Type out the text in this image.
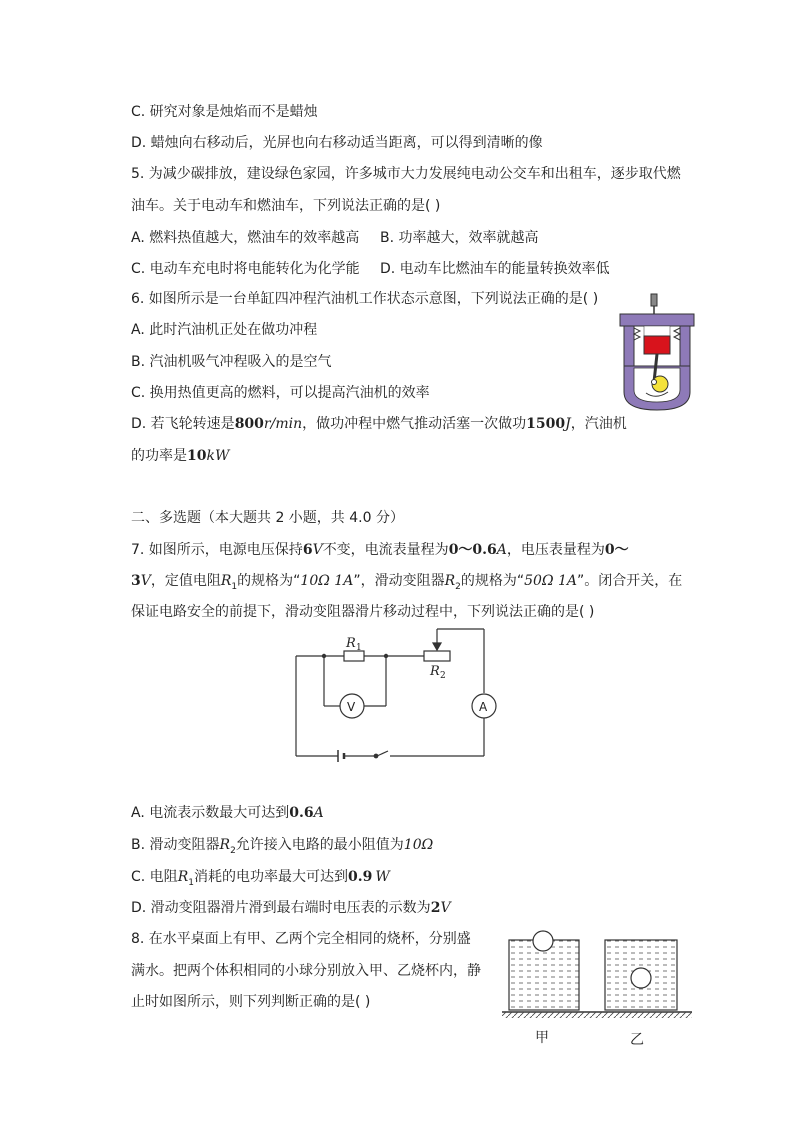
C. 研究对象是烛焰而不是蜡烛
D. 蜡烛向右移动后，光屏也向右移动适当距离，可以得到清晰的像
5. 为减少碳排放，建设绿色家园，许多城市大力发展纯电动公交车和出租车，逐步取代燃
油车。关于电动车和燃油车，下列说法正确的是( )
A. 燃料热值越大，燃油车的效率越高 B. 功率越大，效率就越高
C. 电动车充电时将电能转化为化学能 D. 电动车比燃油车的能量转换效率低
6. 如图所示是一台单缸四冲程汽油机工作状态示意图，下列说法正确的是( )
A. 此时汽油机正处在做功冲程
B. 汽油机吸气冲程吸入的是空气
C. 换用热值更高的燃料，可以提高汽油机的效率
D. 若飞轮转速是800r/min，做功冲程中燃气推动活塞一次做功1500J，汽油机
的功率是10kW
二、多选题（本大题共 2 小题，共 4.0 分）
7. 如图所示，电源电压保持6V不变，电流表量程为0～0.6A，电压表量程为0～
3V，定值电阻$R_1$的规格为“10Ω 1A”，滑动变阻器$R_2$的规格为“50Ω 1A”。闭合开关，在
保证电路安全的前提下，滑动变阻器滑片移动过程中，下列说法正确的是( )
R 1
R 2
V	A
A. 电流表示数最大可达到0.6A
B. 滑动变阻器$R_2$允许接入电路的最小阻值为10Ω
C. 电阻$R_1$消耗的电功率最大可达到0.9 W
D. 滑动变阻器滑片滑到最右端时电压表的示数为2V
8. 在水平桌面上有甲、乙两个完全相同的烧杯，分别盛
满水。把两个体积相同的小球分别放入甲、乙烧杯内，静
止时如图所示，则下列判断正确的是( )
甲	乙
